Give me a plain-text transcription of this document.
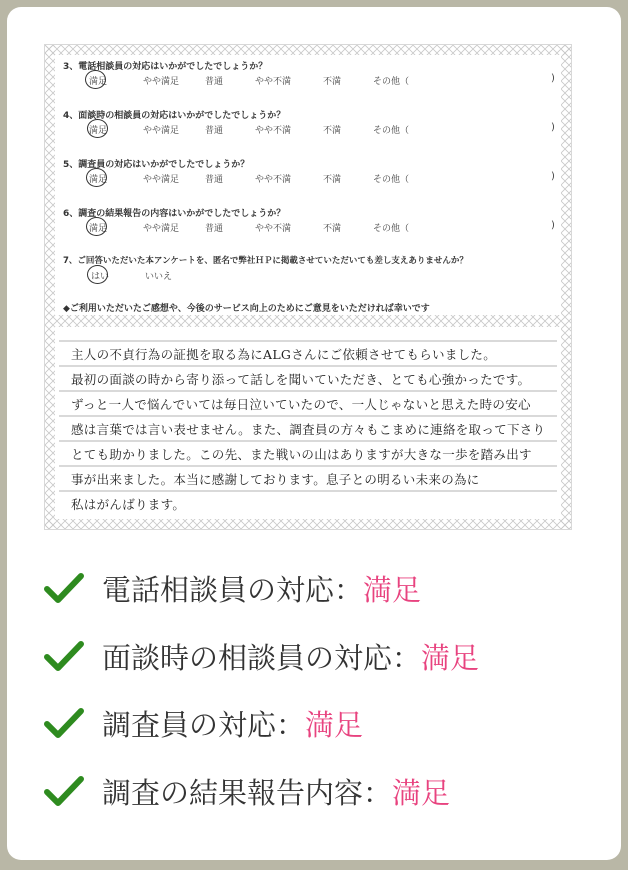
3、電話相談員の対応はいかがでしたでしょうか？
満足	やや満足	普通	やや不満	不満	その他（	)
4、面談時の相談員の対応はいかがでしたでしょうか？
満足	やや満足	普通	やや不満	不満	その他（	)
5、調査員の対応はいかがでしたでしょうか？
満足	やや満足	普通	やや不満	不満	その他（	)
6、調査の結果報告の内容はいかがでしたでしょうか？
満足	やや満足	普通	やや不満	不満	その他（	)
7、ご回答いただいた本アンケートを、匿名で弊社ＨＰに掲載させていただいても差し支えありませんか？
はい	いいえ
◆ご利用いただいたご感想や、今後のサービス向上のためにご意見をいただければ幸いです
主人の不貞行為の証拠を取る為にALGさんにご依頼させてもらいました。
最初の面談の時から寄り添って話しを聞いていただき、とても心強かったです。
ずっと一人で悩んでいては毎日泣いていたので、一人じゃないと思えた時の安心
感は言葉では言い表せません。また、調査員の方々もこまめに連絡を取って下さり
とても助かりました。この先、また戦いの山はありますが大きな一歩を踏み出す
事が出来ました。本当に感謝しております。息子との明るい未来の為に
私はがんばります。
電話相談員の対応： 満足
面談時の相談員の対応： 満足
調査員の対応： 満足
調査の結果報告内容： 満足
